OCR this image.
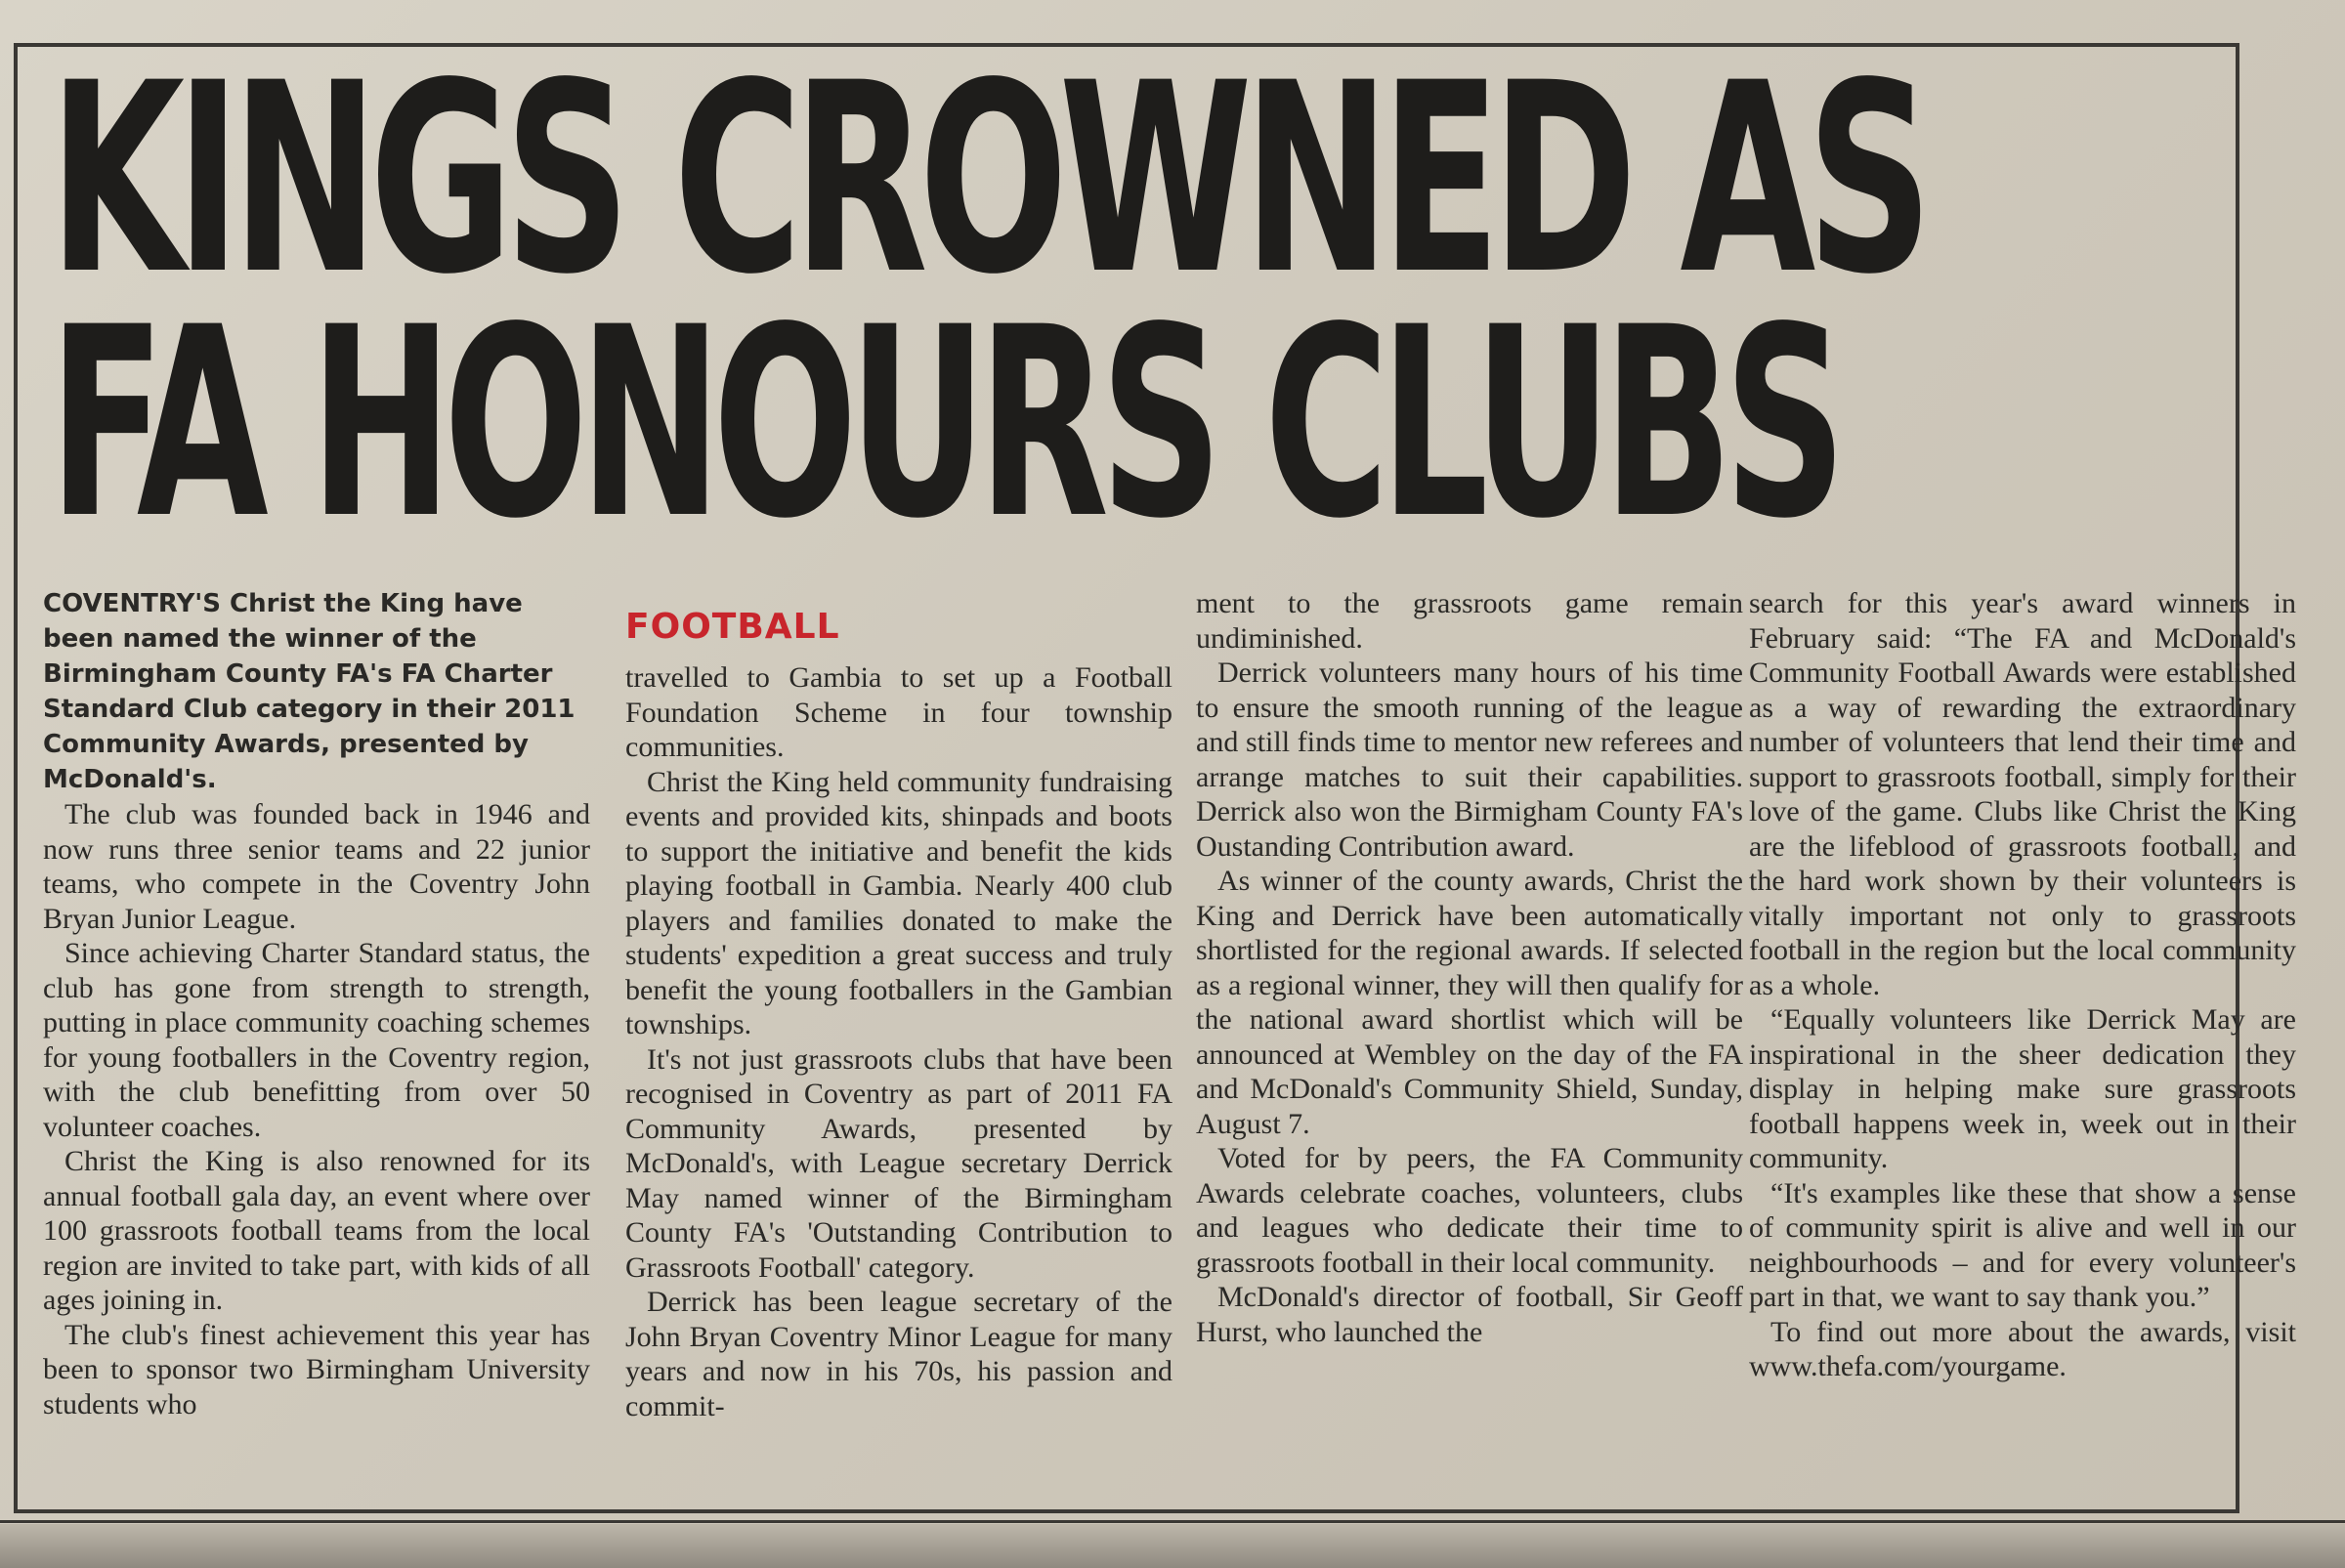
KINGS CROWNED AS
FA HONOURS CLUBS

COVENTRY'S Christ the King have been named the winner of the Birmingham County FA's FA Charter Standard Club category in their 2011 Community Awards, presented by McDonald's.

The club was founded back in 1946 and now runs three senior teams and 22 junior teams, who compete in the Coventry John Bryan Junior League.

Since achieving Charter Standard status, the club has gone from strength to strength, putting in place community coaching schemes for young footballers in the Coventry region, with the club benefitting from over 50 volunteer coaches.

Christ the King is also renowned for its annual football gala day, an event where over 100 grassroots football teams from the local region are invited to take part, with kids of all ages joining in.

The club's finest achievement this year has been to sponsor two Birmingham University students who

FOOTBALL

travelled to Gambia to set up a Football Foundation Scheme in four township communities.

Christ the King held community fundraising events and provided kits, shinpads and boots to support the initiative and benefit the kids playing football in Gambia. Nearly 400 club players and families donated to make the students' expedition a great success and truly benefit the young footballers in the Gambian townships.

It's not just grassroots clubs that have been recognised in Coventry as part of 2011 FA Community Awards, presented by McDonald's, with League secretary Derrick May named winner of the Birmingham County FA's 'Outstanding Contribution to Grassroots Football' category.

Derrick has been league secretary of the John Bryan Coventry Minor League for many years and now in his 70s, his passion and commit-

ment to the grassroots game remain undiminished.

Derrick volunteers many hours of his time to ensure the smooth running of the league and still finds time to mentor new referees and arrange matches to suit their capabilities. Derrick also won the Birmigham County FA's Oustanding Contribution award.

As winner of the county awards, Christ the King and Derrick have been automatically shortlisted for the regional awards. If selected as a regional winner, they will then qualify for the national award shortlist which will be announced at Wembley on the day of the FA and McDonald's Community Shield, Sunday, August 7.

Voted for by peers, the FA Community Awards celebrate coaches, volunteers, clubs and leagues who dedicate their time to grassroots football in their local community.

McDonald's director of football, Sir Geoff Hurst, who launched the

search for this year's award winners in February said: “The FA and McDonald's Community Football Awards were established as a way of rewarding the extraordinary number of volunteers that lend their time and support to grassroots football, simply for their love of the game. Clubs like Christ the King are the lifeblood of grassroots football, and the hard work shown by their volunteers is vitally important not only to grassroots football in the region but the local community as a whole.

“Equally volunteers like Derrick May are inspirational in the sheer dedication they display in helping make sure grassroots football happens week in, week out in their community.

“It's examples like these that show a sense of community spirit is alive and well in our neighbourhoods – and for every volunteer's part in that, we want to say thank you.”

To find out more about the awards, visit www.thefa.com/yourgame.
